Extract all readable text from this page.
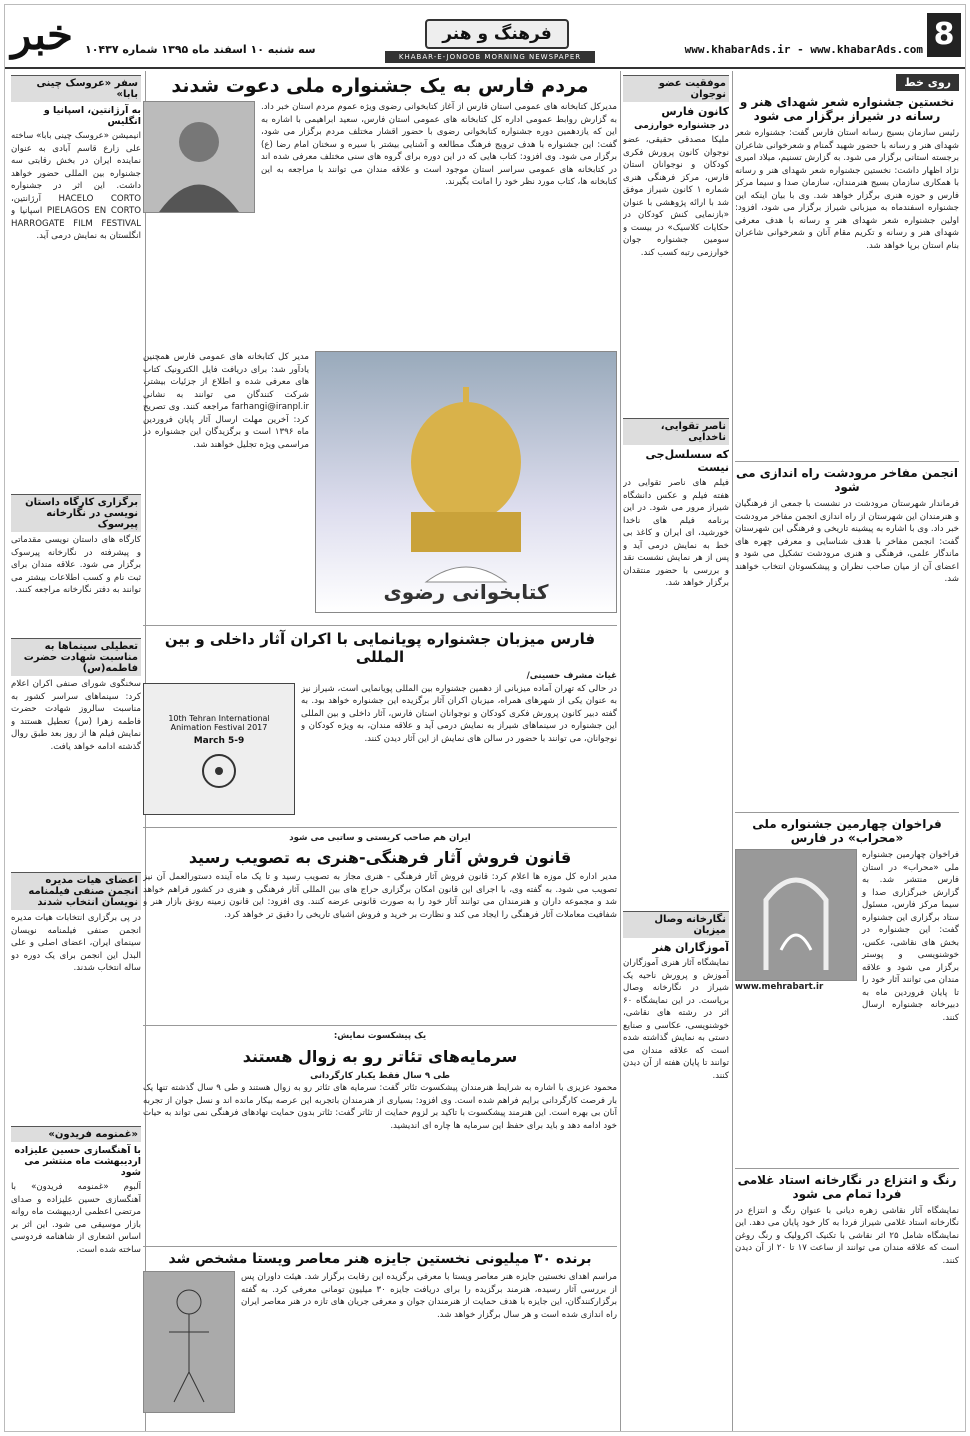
8
www.khabarAds.ir - www.khabarAds.com
فرهنگ و هنر
KHABAR-E-JONOOB MORNING NEWSPAPER
سه شنبه ۱۰ اسفند ماه ۱۳۹۵ شماره ۱۰۴۳۷
خبر
روی خط
نخستین جشنواره شعر شهدای هنر و رسانه در شیراز برگزار می شود
رئیس سازمان بسیج رسانه استان فارس گفت: جشنواره شعر شهدای هنر و رسانه با حضور شهید گمنام و شعرخوانی شاعران برجسته استانی برگزار می شود. به گزارش تسنیم، میلاد امیری نژاد اظهار داشت: نخستین جشنواره شعر شهدای هنر و رسانه با همکاری سازمان بسیج هنرمندان، سازمان صدا و سیما مرکز فارس و حوزه هنری برگزار خواهد شد. وی با بیان اینکه این جشنواره اسفندماه به میزبانی شیراز برگزار می شود، افزود: اولین جشنواره شعر شهدای هنر و رسانه با هدف معرفی شهدای هنر و رسانه و تکریم مقام آنان و شعرخوانی شاعران بنام استان برپا خواهد شد.
انجمن مفاخر مرودشت راه اندازی می شود
فرماندار شهرستان مرودشت در نشست با جمعی از فرهنگیان و هنرمندان این شهرستان از راه اندازی انجمن مفاخر مرودشت خبر داد. وی با اشاره به پیشینه تاریخی و فرهنگی این شهرستان گفت: انجمن مفاخر با هدف شناسایی و معرفی چهره های ماندگار علمی، فرهنگی و هنری مرودشت تشکیل می شود و اعضای آن از میان صاحب نظران و پیشکسوتان انتخاب خواهند شد.
فراخوان چهارمین جشنواره ملی «محراب» در فارس
فراخوان چهارمین جشنواره ملی «محراب» در استان فارس منتشر شد. به گزارش خبرگزاری صدا و سیما مرکز فارس، مسئول ستاد برگزاری این جشنواره گفت: این جشنواره در بخش های نقاشی، عکس، خوشنویسی و پوستر برگزار می شود و علاقه مندان می توانند آثار خود را تا پایان فروردین ماه به دبیرخانه جشنواره ارسال کنند.
www.mehrabart.ir
رنگ و انتزاع در نگارخانه استاد غلامی فردا تمام می شود
نمایشگاه آثار نقاشی زهره دیانی با عنوان رنگ و انتزاع در نگارخانه استاد غلامی شیراز فردا به کار خود پایان می دهد. این نمایشگاه شامل ۲۵ اثر نقاشی با تکنیک اکرولیک و رنگ روغن است که علاقه مندان می توانند از ساعت ۱۷ تا ۲۰ از آن دیدن کنند.
موفقیت عضو نوجوان
کانون فارس
در جشنواره خوارزمی
مليكا مصدقی حقیقی، عضو نوجوان کانون پرورش فکری کودکان و نوجوانان استان فارس، مرکز فرهنگی هنری شماره ۱ کانون شیراز موفق شد با ارائه پژوهشی با عنوان «بازنمایی کنش کودکان در حکایات کلاسیک» در بیست و سومین جشنواره جوان خوارزمی رتبه کسب کند.
ناصر تقوایی، ناخدایی
که سسلسل‌جی نیست
فیلم های ناصر تقوایی در هفته فیلم و عکس دانشگاه شیراز مرور می شود. در این برنامه فیلم های ناخدا خورشید، ای ایران و کاغذ بی خط به نمایش درمی آید و پس از هر نمایش نشست نقد و بررسی با حضور منتقدان برگزار خواهد شد.
نگارخانه وصال میزبان
آموزگاران هنر
نمایشگاه آثار هنری آموزگاران آموزش و پرورش ناحیه یک شیراز در نگارخانه وصال برپاست. در این نمایشگاه ۶۰ اثر در رشته های نقاشی، خوشنویسی، عکاسی و صنایع دستی به نمایش گذاشته شده است که علاقه مندان می توانند تا پایان هفته از آن دیدن کنند.
مردم فارس به یک جشنواره ملی دعوت شدند
مدیرکل کتابخانه های عمومی استان فارس از آغاز کتابخوانی رضوی ویژه عموم مردم استان خبر داد. به گزارش روابط عمومی اداره کل کتابخانه های عمومی استان فارس، سعید ابراهیمی با اشاره به این که یازدهمین دوره جشنواره کتابخوانی رضوی با حضور اقشار مختلف مردم برگزار می شود، گفت: این جشنواره با هدف ترویج فرهنگ مطالعه و آشنایی بیشتر با سیره و سخنان امام رضا (ع) برگزار می شود. وی افزود: کتاب هایی که در این دوره برای گروه های سنی مختلف معرفی شده اند در کتابخانه های عمومی سراسر استان موجود است و علاقه مندان می توانند با مراجعه به این کتابخانه ها، کتاب مورد نظر خود را امانت بگیرند.
کتابخوانی رضوی
مدیر کل کتابخانه های عمومی فارس همچنین یادآور شد: برای دریافت فایل الکترونیک کتاب های معرفی شده و اطلاع از جزئیات بیشتر، شرکت کنندگان می توانند به نشانی farhangi@iranpl.ir مراجعه کنند. وی تصریح کرد: آخرین مهلت ارسال آثار پایان فروردین ماه ۱۳۹۶ است و برگزیدگان این جشنواره در مراسمی ویژه تجلیل خواهند شد.
فارس میزبان جشنواره پویانمایی با اکران آثار داخلی و بین المللی
غیاث مشرف حسینی/
در حالی که تهران آماده میزبانی از دهمین جشنواره بین المللی پویانمایی است، شیراز نیز به عنوان یکی از شهرهای همراه، میزبان اکران آثار برگزیده این جشنواره خواهد بود. به گفته دبیر کانون پرورش فکری کودکان و نوجوانان استان فارس، آثار داخلی و بین المللی این جشنواره در سینماهای شیراز به نمایش درمی آید و علاقه مندان، به ویژه کودکان و نوجوانان، می توانند با حضور در سالن های نمایش از این آثار دیدن کنند.
10th Tehran International Animation Festival 2017
March 5-9
ایران هم صاحب کریستی و ساتبی می شود
قانون فروش آثار فرهنگی-هنری به تصویب رسید
مدیر اداره کل موزه ها اعلام کرد: قانون فروش آثار فرهنگی - هنری مجاز به تصویب رسید و تا یک ماه آینده دستورالعمل آن نیز تصویب می شود. به گفته وی، با اجرای این قانون امکان برگزاری حراج های بین المللی آثار فرهنگی و هنری در کشور فراهم خواهد شد و مجموعه داران و هنرمندان می توانند آثار خود را به صورت قانونی عرضه کنند. وی افزود: این قانون زمینه رونق بازار هنر و شفافیت معاملات آثار فرهنگی را ایجاد می کند و نظارت بر خرید و فروش اشیای تاریخی را دقیق تر خواهد کرد.
یک پیشکسوت نمایش:
سرمایه‌های تئاتر رو به زوال هستند
طی ۹ سال فقط یکبار کارگردانی
محمود عزیزی با اشاره به شرایط هنرمندان پیشکسوت تئاتر گفت: سرمایه های تئاتر رو به زوال هستند و طی ۹ سال گذشته تنها یک بار فرصت کارگردانی برایم فراهم شده است. وی افزود: بسیاری از هنرمندان باتجربه این عرصه بیکار مانده اند و نسل جوان از تجربه آنان بی بهره است. این هنرمند پیشکسوت با تاکید بر لزوم حمایت از تئاتر گفت: تئاتر بدون حمایت نهادهای فرهنگی نمی تواند به حیات خود ادامه دهد و باید برای حفظ این سرمایه ها چاره ای اندیشید.
برنده ۳۰ میلیونی نخستین جایزه هنر معاصر ویستا مشخص شد
مراسم اهدای نخستین جایزه هنر معاصر ویستا با معرفی برگزیده این رقابت برگزار شد. هیئت داوران پس از بررسی آثار رسیده، هنرمند برگزیده را برای دریافت جایزه ۳۰ میلیون تومانی معرفی کرد. به گفته برگزارکنندگان، این جایزه با هدف حمایت از هنرمندان جوان و معرفی جریان های تازه در هنر معاصر ایران راه اندازی شده است و هر سال برگزار خواهد شد.
سفر «عروسک چینی بابا»
به آرژانتین، اسپانیا و انگلیس
انیمیشن «عروسک چینی بابا» ساخته علی زارع قاسم آبادی به عنوان نماینده ایران در بخش رقابتی سه جشنواره بین المللی حضور خواهد داشت. این اثر در جشنواره HACELO CORTO آرژانتین، PIELAGOS EN CORTO اسپانیا و HARROGATE FILM FESTIVAL انگلستان به نمایش درمی آید.
برگزاری کارگاه داستان نویسی در نگارخانه پیرسوک
کارگاه های داستان نویسی مقدماتی و پیشرفته در نگارخانه پیرسوک برگزار می شود. علاقه مندان برای ثبت نام و کسب اطلاعات بیشتر می توانند به دفتر نگارخانه مراجعه کنند.
تعطیلی سینماها به مناسبت شهادت حضرت فاطمه(س)
سخنگوی شورای صنفی اکران اعلام کرد: سینماهای سراسر کشور به مناسبت سالروز شهادت حضرت فاطمه زهرا (س) تعطیل هستند و نمایش فیلم ها از روز بعد طبق روال گذشته ادامه خواهد یافت.
اعضای هیات مدیره انجمن صنفی فیلمنامه نویسان انتخاب شدند
در پی برگزاری انتخابات هیات مدیره انجمن صنفی فیلمنامه نویسان سینمای ایران، اعضای اصلی و علی البدل این انجمن برای یک دوره دو ساله انتخاب شدند.
«غمنومه فریدون»
با آهنگسازی حسین علیزاده اردیبهشت ماه منتشر می شود
آلبوم «غمنومه فریدون» با آهنگسازی حسین علیزاده و صدای مرتضی اعظمی اردیبهشت ماه روانه بازار موسیقی می شود. این اثر بر اساس اشعاری از شاهنامه فردوسی ساخته شده است.
